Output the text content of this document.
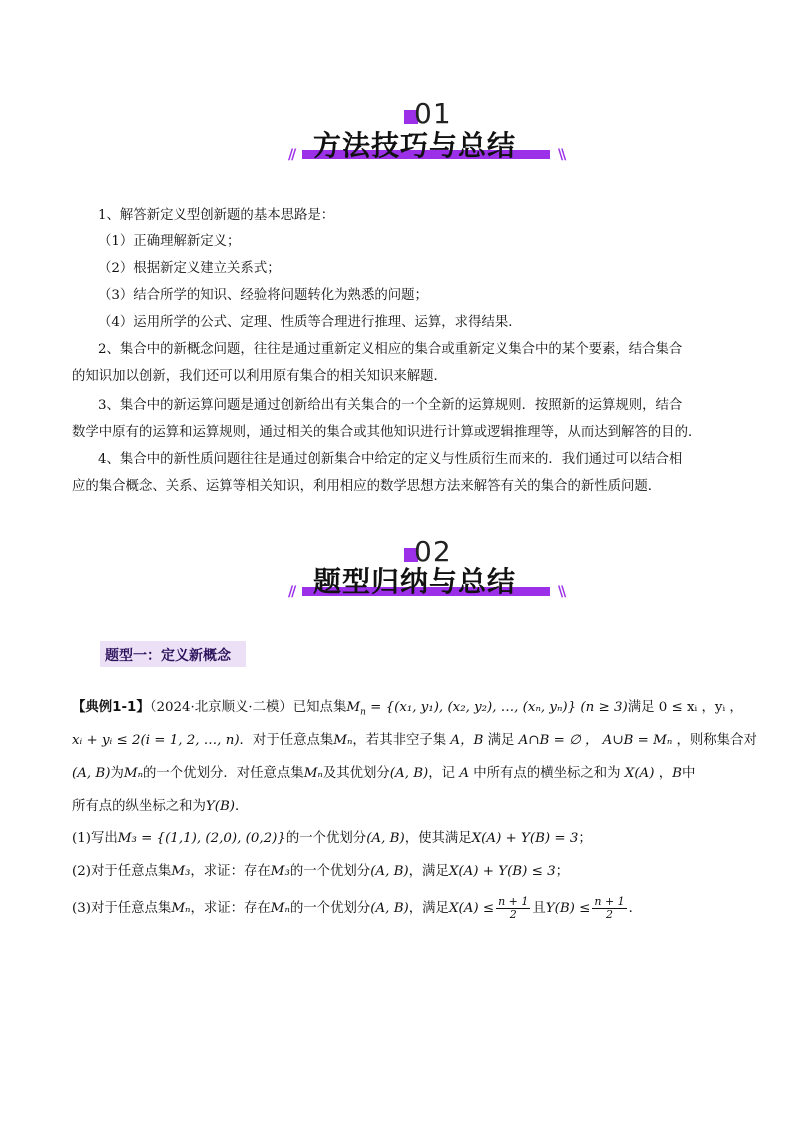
01
方法技巧与总结
//	\\
1、解答新定义型创新题的基本思路是：
（1）正确理解新定义；
（2）根据新定义建立关系式；
（3）结合所学的知识、经验将问题转化为熟悉的问题；
（4）运用所学的公式、定理、性质等合理进行推理、运算，求得结果．
2、集合中的新概念问题，往往是通过重新定义相应的集合或重新定义集合中的某个要素，结合集合
的知识加以创新，我们还可以利用原有集合的相关知识来解题．
3、集合中的新运算问题是通过创新给出有关集合的一个全新的运算规则．按照新的运算规则，结合
数学中原有的运算和运算规则，通过相关的集合或其他知识进行计算或逻辑推理等，从而达到解答的目的．
4、集合中的新性质问题往往是通过创新集合中给定的定义与性质衍生而来的．我们通过可以结合相
应的集合概念、关系、运算等相关知识，利用相应的数学思想方法来解答有关的集合的新性质问题．
02
题型归纳与总结
//	\\
题型一：定义新概念
【典例1-1】（2024·北京顺义·二模）已知点集$M_n = \{(x_1$, y₁), (x₂, y₂), …, (xₙ, yₙ)} (n ≥ 3)满足 0 ≤ xᵢ ，yᵢ ，
xᵢ + yᵢ ≤ 2(i = 1, 2, …, n)．对于任意点集Mₙ，若其非空子集 A，B 满足 A∩B = ∅ ， A∪B = Mₙ ，则称集合对
(A, B)为Mₙ的一个优划分．对任意点集Mₙ及其优划分(A, B)，记 A 中所有点的横坐标之和为 X(A) ，B中
所有点的纵坐标之和为Y(B)．
(1)写出M₃ = {(1,1), (2,0), (0,2)}的一个优划分(A, B)，使其满足X(A) + Y(B) = 3；
(2)对于任意点集M₃，求证：存在M₃的一个优划分(A, B)，满足X(A) + Y(B) ≤ 3；
(3)对于任意点集Mₙ，求证：存在Mₙ的一个优划分(A, B)，满足$X(A) \le \frac{n + 1}{2}$ 且$Y(B) \le \frac{n + 1}{2}$ ．
